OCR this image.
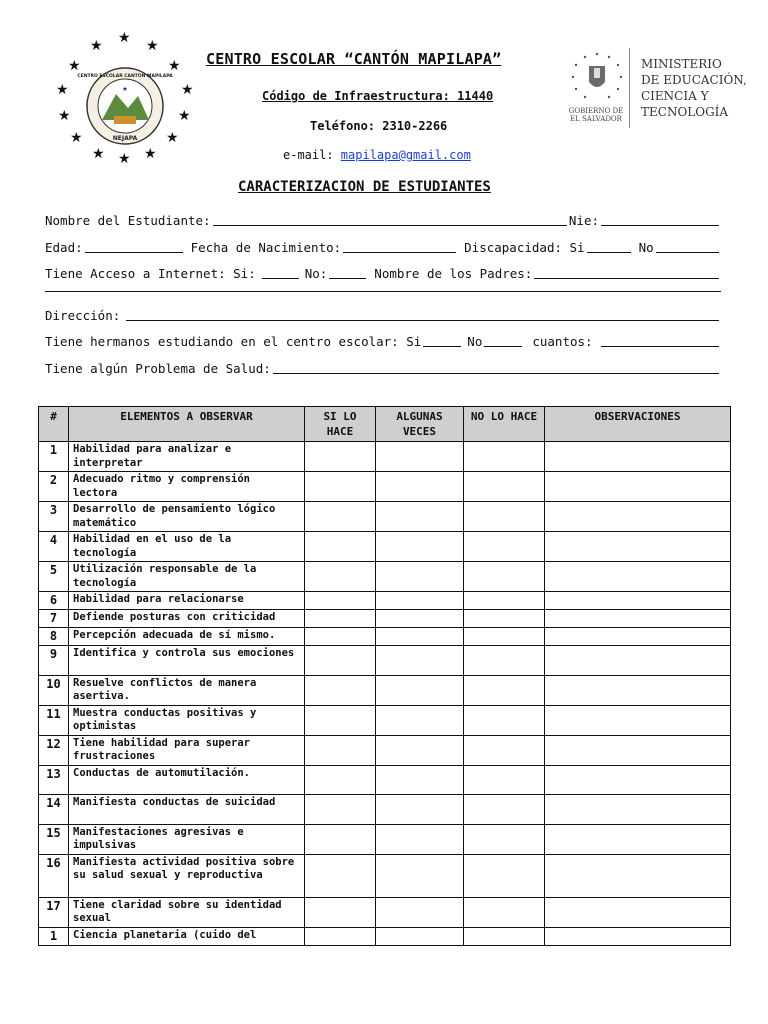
★
★	★
★	★
★	★
★	★
★	★
★	★
★
★
NEJAPA
CENTRO ESCOLAR CANTÓN MAPILAPA
CENTRO ESCOLAR “CANTÓN MAPILAPA”
Código de Infraestructura: 11440
Teléfono: 2310-2266
e-mail: mapilapa@gmail.com
GOBIERNO DE EL SALVADOR
MINISTERIO
DE EDUCACIÓN,
CIENCIA Y
TECNOLOGÍA
CARACTERIZACION DE ESTUDIANTES
Nombre del Estudiante:	Nie:
Edad:	Fecha de Nacimiento:	Discapacidad: Si	No
Tiene Acceso a Internet: Si:	No:	Nombre de los Padres:
Dirección:
Tiene hermanos estudiando en el centro escolar: Si	No	cuantos:
Tiene algún Problema de Salud:
#	ELEMENTOS A OBSERVAR	SI LO HACE	ALGUNAS VECES	NO LO HACE	OBSERVACIONES
1	Habilidad para analizar e interpretar				
2	Adecuado ritmo y comprensión lectora				
3	Desarrollo de pensamiento lógico matemático				
4	Habilidad en el uso de la tecnología				
5	Utilización responsable de la tecnología				
6	Habilidad para relacionarse				
7	Defiende posturas con criticidad				
8	Percepción adecuada de sí mismo.				
9	Identifica y controla sus emociones				
10	Resuelve conflictos de manera asertiva.				
11	Muestra conductas positivas y optimistas				
12	Tiene habilidad para superar frustraciones				
13	Conductas de automutilación.				
14	Manifiesta conductas de suicidad				
15	Manifestaciones agresivas e impulsivas				
16	Manifiesta actividad positiva sobre su salud sexual y reproductiva				
17	Tiene claridad sobre su identidad sexual				
1	Ciencia planetaria (cuido del				
